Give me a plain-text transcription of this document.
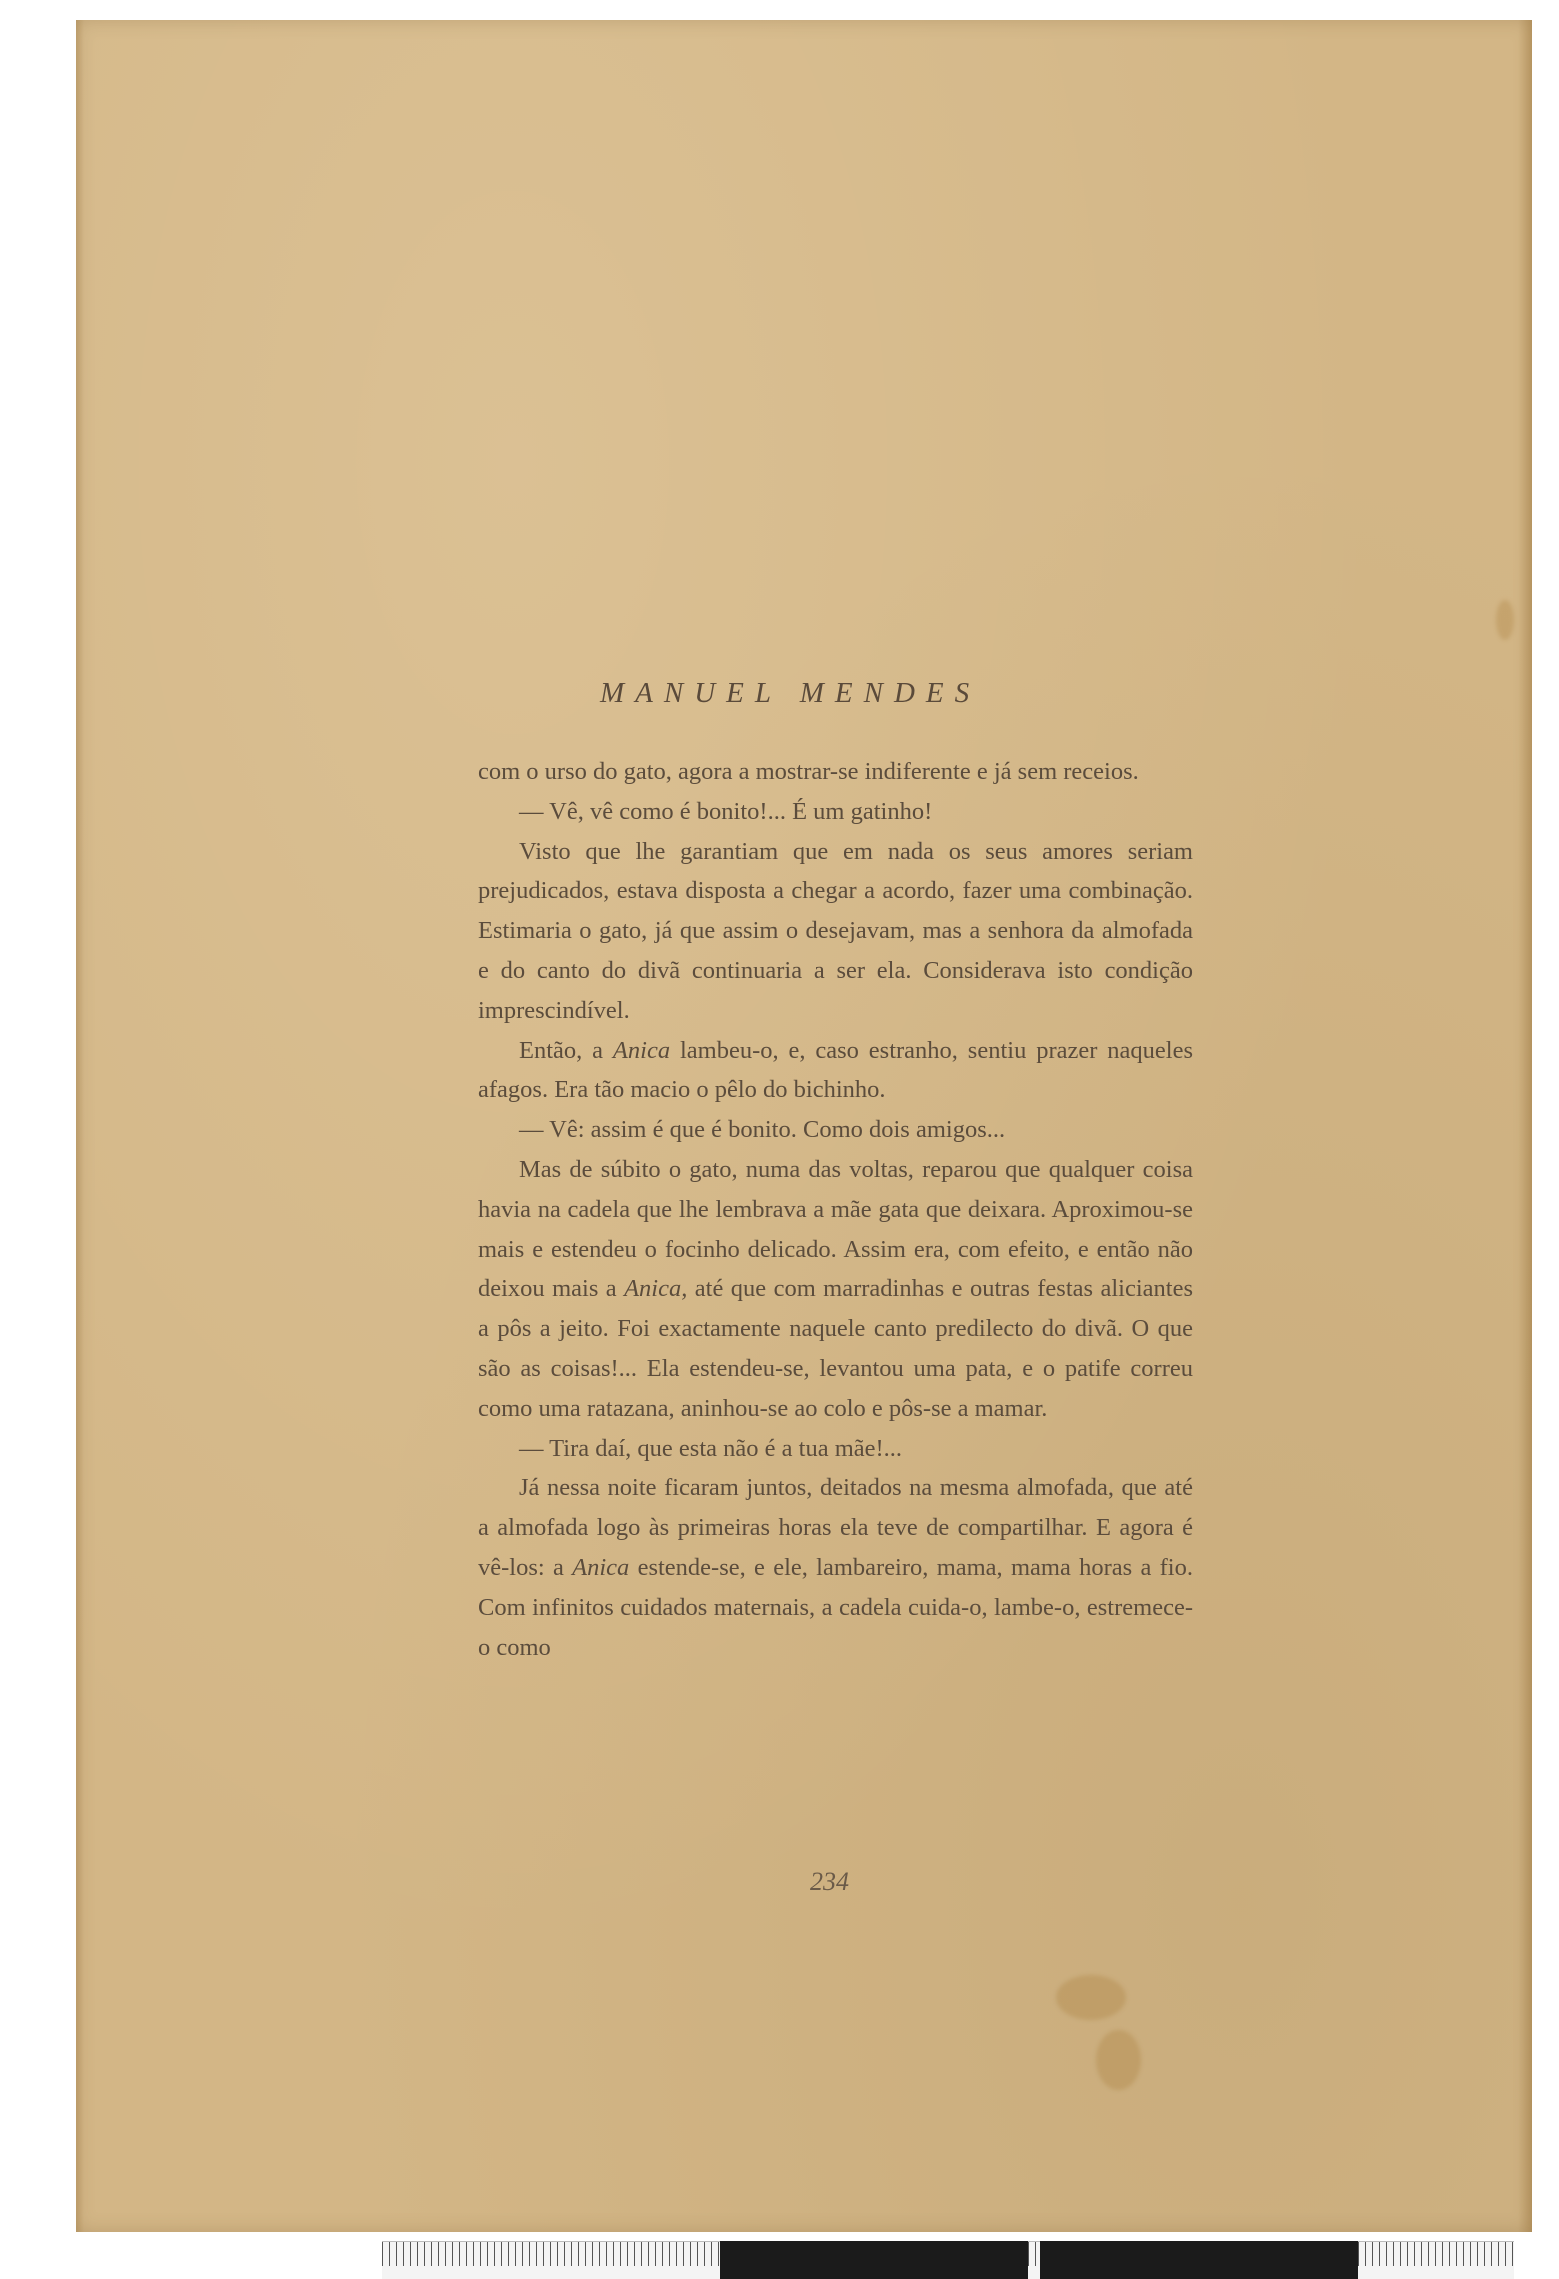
MANUEL MENDES

com o urso do gato, agora a mostrar-se indiferente e já sem receios.

— Vê, vê como é bonito!... É um gatinho!

Visto que lhe garantiam que em nada os seus amores seriam prejudicados, estava disposta a chegar a acordo, fazer uma combinação. Estimaria o gato, já que assim o desejavam, mas a senhora da almofada e do canto do divã continuaria a ser ela. Considerava isto condição imprescindível.

Então, a Anica lambeu-o, e, caso estranho, sentiu prazer naqueles afagos. Era tão macio o pêlo do bichinho.

— Vê: assim é que é bonito. Como dois amigos...

Mas de súbito o gato, numa das voltas, reparou que qualquer coisa havia na cadela que lhe lembrava a mãe gata que deixara. Aproximou-se mais e estendeu o focinho delicado. Assim era, com efeito, e então não deixou mais a Anica, até que com marradinhas e outras festas aliciantes a pôs a jeito. Foi exactamente naquele canto predilecto do divã. O que são as coisas!... Ela estendeu-se, levantou uma pata, e o patife correu como uma ratazana, aninhou-se ao colo e pôs-se a mamar.

— Tira daí, que esta não é a tua mãe!...

Já nessa noite ficaram juntos, deitados na mesma almofada, que até a almofada logo às primeiras horas ela teve de compartilhar. E agora é vê-los: a Anica estende-se, e ele, lambareiro, mama, mama horas a fio. Com infinitos cuidados maternais, a cadela cuida-o, lambe-o, estremece-o como

234
